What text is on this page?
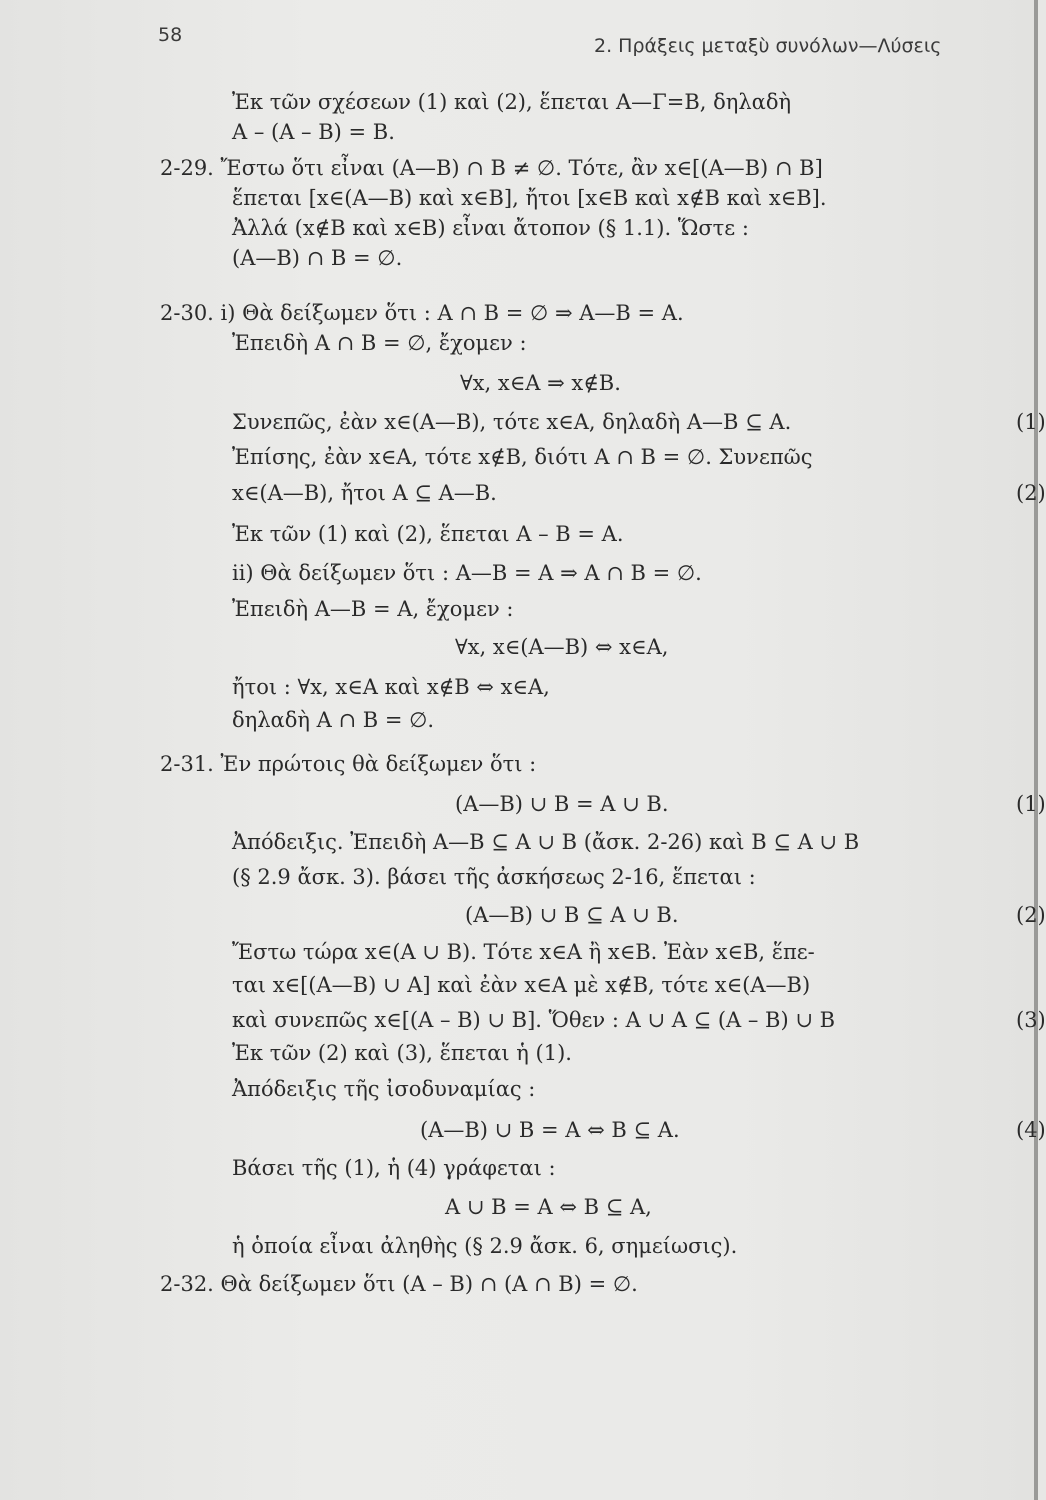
58	2. Πράξεις μεταξὺ συνόλων—Λύσεις
Ἐκ τῶν σχέσεων (1) καὶ (2), ἕπεται A—Γ=B, δηλαδὴ
A – (A – B) = B.
2-29. Ἔστω ὅτι εἶναι (A—B) ∩ B ≠ ∅. Τότε, ἂν x∈[(A—B) ∩ B]
ἕπεται [x∈(A—B) καὶ x∈B], ἤτοι [x∈B καὶ x∉B καὶ x∈B].
Ἀλλά (x∉B καὶ x∈B) εἶναι ἄτοπον (§ 1.1). Ὥστε :
(A—B) ∩ B = ∅.
2-30. i) Θὰ δείξωμεν ὅτι : A ∩ B = ∅ ⇒ A—B = A.
Ἐπειδὴ A ∩ B = ∅, ἔχομεν :
∀x, x∈A ⇒ x∉B.
Συνεπῶς, ἐὰν x∈(A—B), τότε x∈A, δηλαδὴ A—B ⊆ A.	(1)
Ἐπίσης, ἐὰν x∈A, τότε x∉B, διότι A ∩ B = ∅. Συνεπῶς
x∈(A—B), ἤτοι A ⊆ A—B.	(2)
Ἐκ τῶν (1) καὶ (2), ἕπεται A – B = A.
ii) Θὰ δείξωμεν ὅτι : A—B = A ⇒ A ∩ B = ∅.
Ἐπειδὴ A—B = A, ἔχομεν :
∀x, x∈(A—B) ⇔ x∈A,
ἤτοι : ∀x, x∈A καὶ x∉B ⇔ x∈A,
δηλαδὴ A ∩ B = ∅.
2-31. Ἐν πρώτοις θὰ δείξωμεν ὅτι :
(A—B) ∪ B = A ∪ B.	(1)
Ἀπόδειξις. Ἐπειδὴ A—B ⊆ A ∪ B (ἄσκ. 2-26) καὶ B ⊆ A ∪ B
(§ 2.9 ἄσκ. 3). βάσει τῆς ἀσκήσεως 2-16, ἕπεται :
(A—B) ∪ B ⊆ A ∪ B.	(2)
Ἔστω τώρα x∈(A ∪ B). Τότε x∈A ἢ x∈B. Ἐὰν x∈B, ἕπε-
ται x∈[(A—B) ∪ A] καὶ ἐὰν x∈A μὲ x∉B, τότε x∈(A—B)
καὶ συνεπῶς x∈[(A – B) ∪ B]. Ὅθεν : A ∪ A ⊆ (A – B) ∪ B	(3)
Ἐκ τῶν (2) καὶ (3), ἕπεται ἡ (1).
Ἀπόδειξις τῆς ἰσοδυναμίας :
(A—B) ∪ B = A ⇔ B ⊆ A.	(4)
Βάσει τῆς (1), ἡ (4) γράφεται :
A ∪ B = A ⇔ B ⊆ A,
ἡ ὁποία εἶναι ἀληθὴς (§ 2.9 ἄσκ. 6, σημείωσις).
2-32. Θὰ δείξωμεν ὅτι (A – B) ∩ (A ∩ B) = ∅.
